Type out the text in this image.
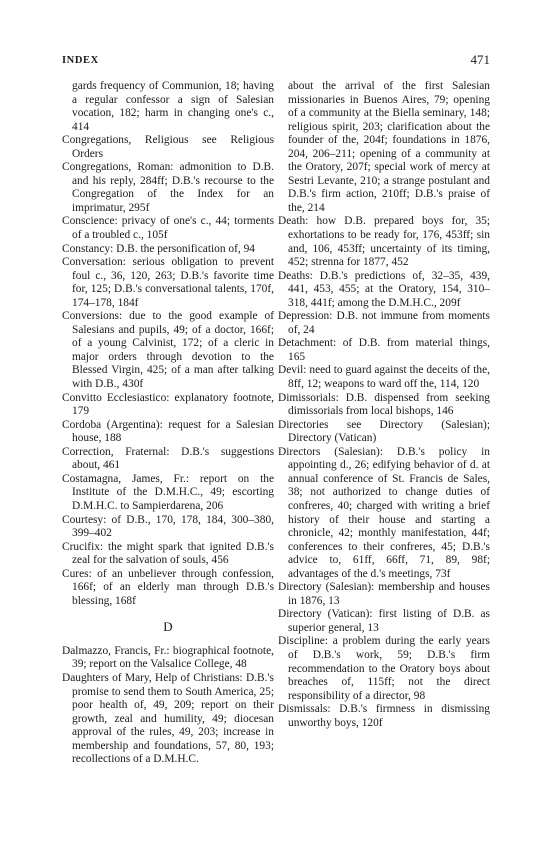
INDEX	471

gards frequency of Communion, 18; having a regular confessor a sign of Salesian vocation, 182; harm in changing one's c., 414

Congregations, Religious see Religious Orders

Congregations, Roman: admonition to D.B. and his reply, 284ff; D.B.'s recourse to the Congregation of the Index for an imprimatur, 295f

Conscience: privacy of one's c., 44; torments of a troubled c., 105f

Constancy: D.B. the personification of, 94

Conversation: serious obligation to prevent foul c., 36, 120, 263; D.B.'s favorite time for, 125; D.B.'s conversational talents, 170f, 174–178, 184f

Conversions: due to the good example of Salesians and pupils, 49; of a doctor, 166f; of a young Calvinist, 172; of a cleric in major orders through devotion to the Blessed Virgin, 425; of a man after talking with D.B., 430f

Convitto Ecclesiastico: explanatory footnote, 179

Cordoba (Argentina): request for a Salesian house, 188

Correction, Fraternal: D.B.'s suggestions about, 461

Costamagna, James, Fr.: report on the Institute of the D.M.H.C., 49; escorting D.M.H.C. to Sampierdarena, 206

Courtesy: of D.B., 170, 178, 184, 300–380, 399–402

Crucifix: the might spark that ignited D.B.'s zeal for the salvation of souls, 456

Cures: of an unbeliever through confession, 166f; of an elderly man through D.B.'s blessing, 168f

D

Dalmazzo, Francis, Fr.: biographical footnote, 39; report on the Valsalice College, 48

Daughters of Mary, Help of Christians: D.B.'s promise to send them to South America, 25; poor health of, 49, 209; report on their growth, zeal and humility, 49; diocesan approval of the rules, 49, 203; increase in membership and foundations, 57, 80, 193; recollections of a D.M.H.C.

about the arrival of the first Salesian missionaries in Buenos Aires, 79; opening of a community at the Biella seminary, 148; religious spirit, 203; clarification about the founder of the, 204f; foundations in 1876, 204, 206–211; opening of a community at the Oratory, 207f; special work of mercy at Sestri Levante, 210; a strange postulant and D.B.'s firm action, 210ff; D.B.'s praise of the, 214

Death: how D.B. prepared boys for, 35; exhortations to be ready for, 176, 453ff; sin and, 106, 453ff; uncertainty of its timing, 452; strenna for 1877, 452

Deaths: D.B.'s predictions of, 32–35, 439, 441, 453, 455; at the Oratory, 154, 310–318, 441f; among the D.M.H.C., 209f

Depression: D.B. not immune from moments of, 24

Detachment: of D.B. from material things, 165

Devil: need to guard against the deceits of the, 8ff, 12; weapons to ward off the, 114, 120

Dimissorials: D.B. dispensed from seeking dimissorials from local bishops, 146

Directories see Directory (Salesian); Directory (Vatican)

Directors (Salesian): D.B.'s policy in appointing d., 26; edifying behavior of d. at annual conference of St. Francis de Sales, 38; not authorized to change duties of confreres, 40; charged with writing a brief history of their house and starting a chronicle, 42; monthly manifestation, 44f; conferences to their confreres, 45; D.B.'s advice to, 61ff, 66ff, 71, 89, 98f; advantages of the d.'s meetings, 73f

Directory (Salesian): membership and houses in 1876, 13

Directory (Vatican): first listing of D.B. as superior general, 13

Discipline: a problem during the early years of D.B.'s work, 59; D.B.'s firm recommendation to the Oratory boys about breaches of, 115ff; not the direct responsibility of a director, 98

Dismissals: D.B.'s firmness in dismissing unworthy boys, 120f
